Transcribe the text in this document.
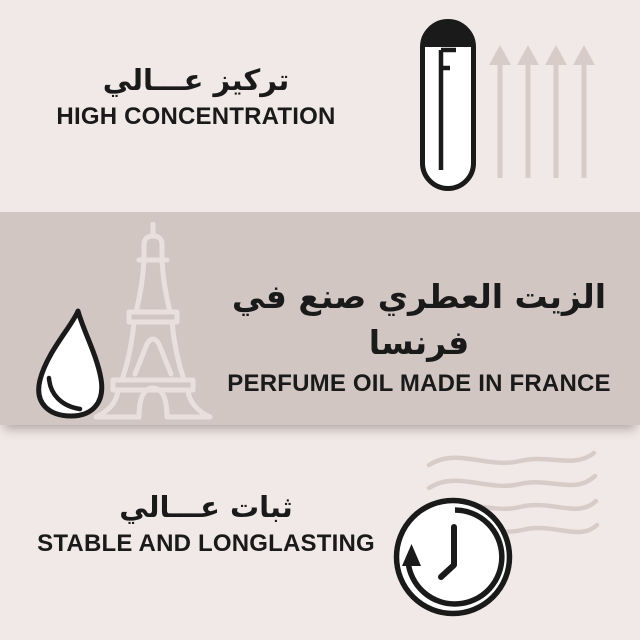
تركيز عـــالي
HIGH CONCENTRATION
الزيت العطري صنع في فرنسا
PERFUME OIL MADE IN FRANCE
ثبات عـــالي
STABLE AND LONGLASTING
